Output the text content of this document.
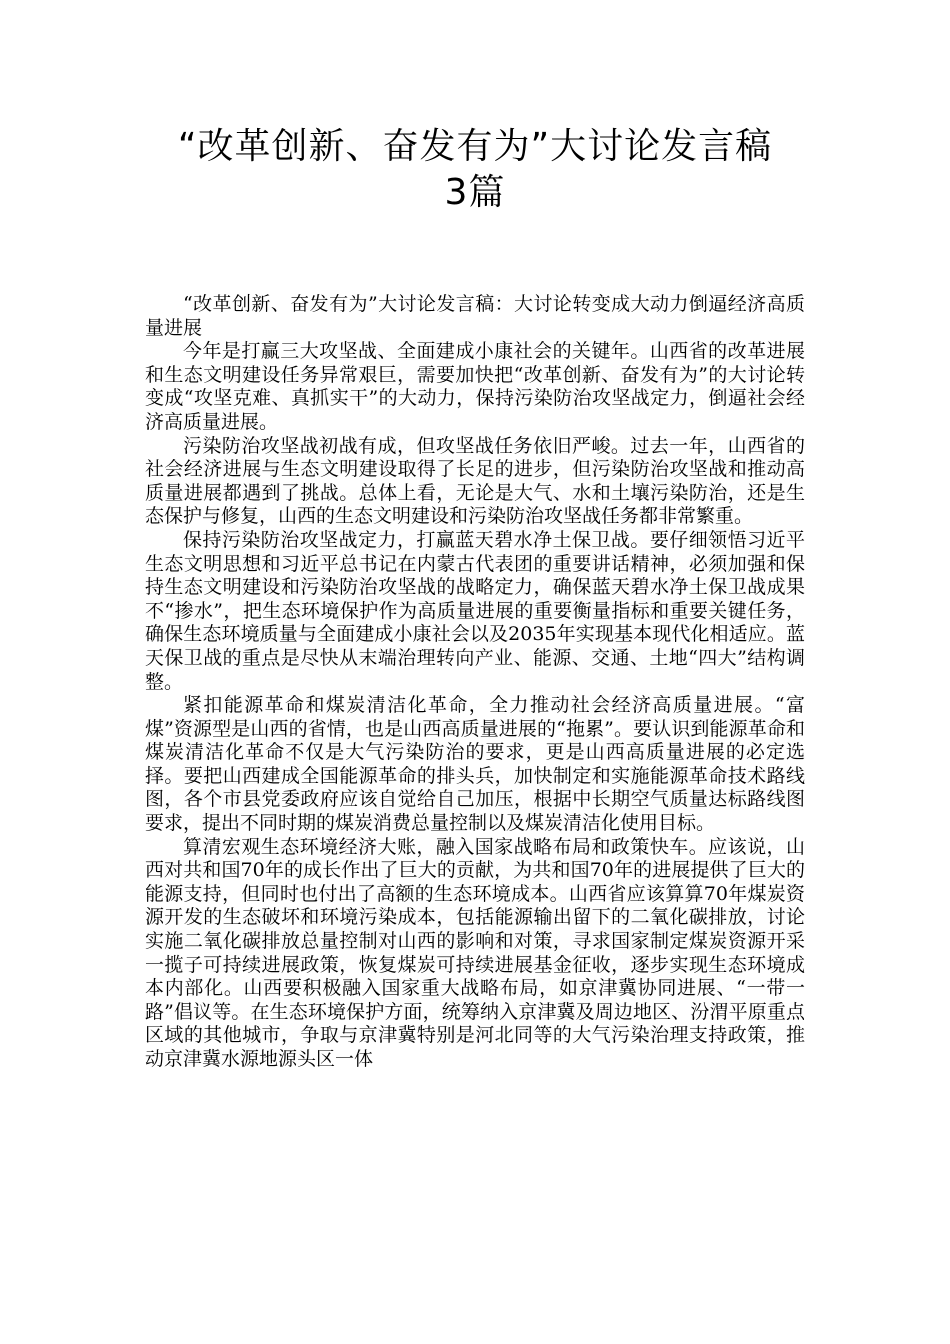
“改革创新、奋发有为”大讨论发言稿
3篇

“改革创新、奋发有为”大讨论发言稿：大讨论转变成大动力倒逼经济高质量进展

今年是打赢三大攻坚战、全面建成小康社会的关键年。山西省的改革进展和生态文明建设任务异常艰巨，需要加快把“改革创新、奋发有为”的大讨论转变成“攻坚克难、真抓实干”的大动力，保持污染防治攻坚战定力，倒逼社会经济高质量进展。

污染防治攻坚战初战有成，但攻坚战任务依旧严峻。过去一年，山西省的社会经济进展与生态文明建设取得了长足的进步，但污染防治攻坚战和推动高质量进展都遇到了挑战。总体上看，无论是大气、水和土壤污染防治，还是生态保护与修复，山西的生态文明建设和污染防治攻坚战任务都非常繁重。

保持污染防治攻坚战定力，打赢蓝天碧水净土保卫战。要仔细领悟习近平生态文明思想和习近平总书记在内蒙古代表团的重要讲话精神，必须加强和保持生态文明建设和污染防治攻坚战的战略定力，确保蓝天碧水净土保卫战成果不“掺水”，把生态环境保护作为高质量进展的重要衡量指标和重要关键任务，确保生态环境质量与全面建成小康社会以及2035年实现基本现代化相适应。蓝天保卫战的重点是尽快从末端治理转向产业、能源、交通、土地“四大”结构调整。

紧扣能源革命和煤炭清洁化革命，全力推动社会经济高质量进展。“富煤”资源型是山西的省情，也是山西高质量进展的“拖累”。要认识到能源革命和煤炭清洁化革命不仅是大气污染防治的要求，更是山西高质量进展的必定选择。要把山西建成全国能源革命的排头兵，加快制定和实施能源革命技术路线图，各个市县党委政府应该自觉给自己加压，根据中长期空气质量达标路线图要求，提出不同时期的煤炭消费总量控制以及煤炭清洁化使用目标。

算清宏观生态环境经济大账，融入国家战略布局和政策快车。应该说，山西对共和国70年的成长作出了巨大的贡献，为共和国70年的进展提供了巨大的能源支持，但同时也付出了高额的生态环境成本。山西省应该算算70年煤炭资源开发的生态破坏和环境污染成本，包括能源输出留下的二氧化碳排放，讨论实施二氧化碳排放总量控制对山西的影响和对策，寻求国家制定煤炭资源开采一揽子可持续进展政策，恢复煤炭可持续进展基金征收，逐步实现生态环境成本内部化。山西要积极融入国家重大战略布局，如京津冀协同进展、“一带一路”倡议等。在生态环境保护方面，统筹纳入京津冀及周边地区、汾渭平原重点区域的其他城市，争取与京津冀特别是河北同等的大气污染治理支持政策，推动京津冀水源地源头区一体
